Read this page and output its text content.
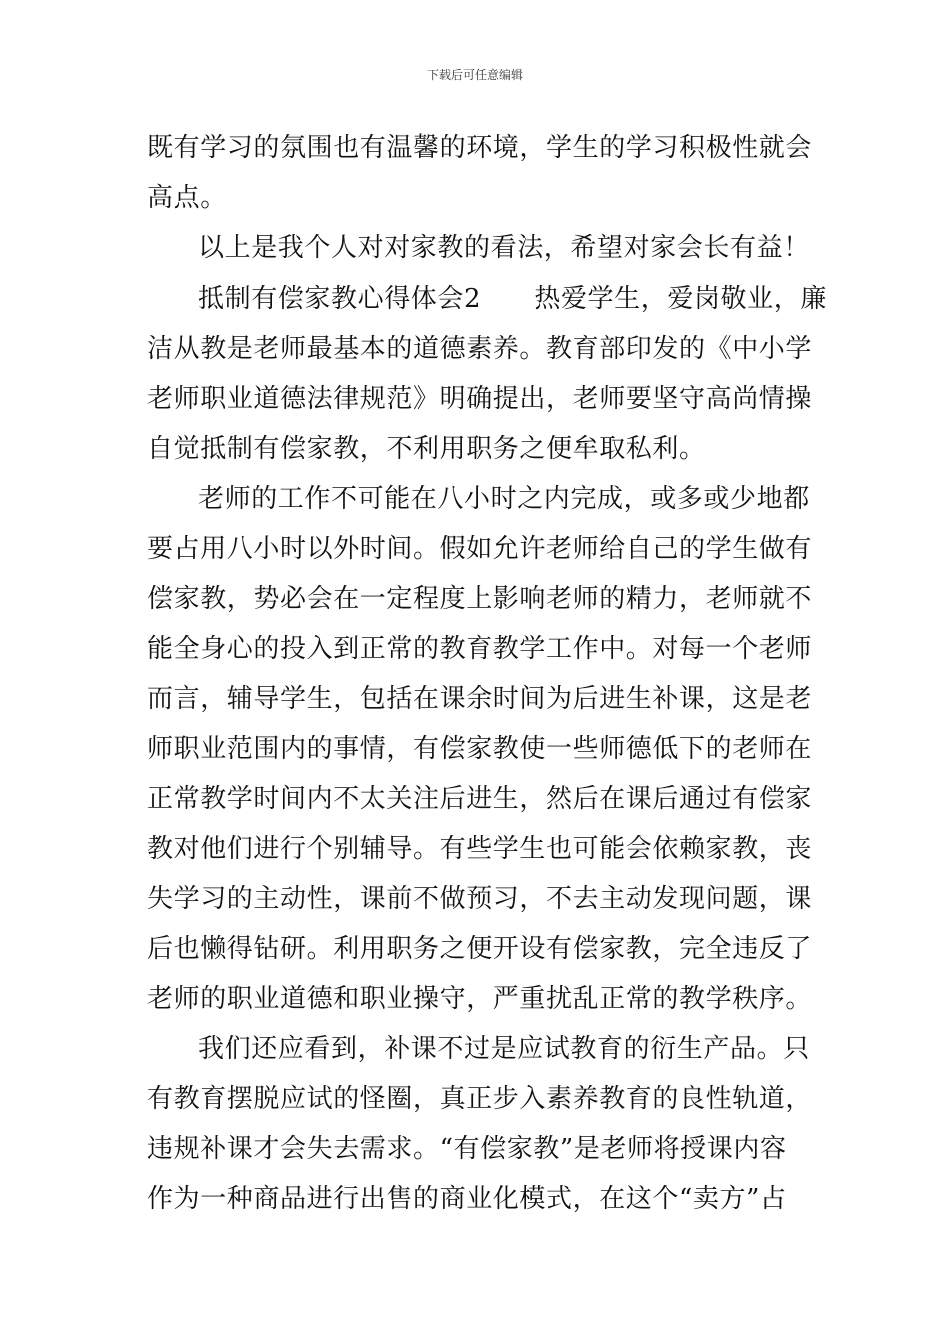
下载后可任意编辑
既有学习的氛围也有温馨的环境，学生的学习积极性就会
高点。
以上是我个人对对家教的看法，希望对家会长有益！
抵制有偿家教心得体会2　　热爱学生，爱岗敬业，廉
洁从教是老师最基本的道德素养。教育部印发的《中小学
老师职业道德法律规范》明确提出，老师要坚守高尚情操
自觉抵制有偿家教，不利用职务之便牟取私利。
老师的工作不可能在八小时之内完成，或多或少地都
要占用八小时以外时间。假如允许老师给自己的学生做有
偿家教，势必会在一定程度上影响老师的精力，老师就不
能全身心的投入到正常的教育教学工作中。对每一个老师
而言，辅导学生，包括在课余时间为后进生补课，这是老
师职业范围内的事情，有偿家教使一些师德低下的老师在
正常教学时间内不太关注后进生，然后在课后通过有偿家
教对他们进行个别辅导。有些学生也可能会依赖家教，丧
失学习的主动性，课前不做预习，不去主动发现问题，课
后也懒得钻研。利用职务之便开设有偿家教，完全违反了
老师的职业道德和职业操守，严重扰乱正常的教学秩序。
我们还应看到，补课不过是应试教育的衍生产品。只
有教育摆脱应试的怪圈，真正步入素养教育的良性轨道，
违规补课才会失去需求。“有偿家教”是老师将授课内容
作为一种商品进行出售的商业化模式，在这个“卖方”占
